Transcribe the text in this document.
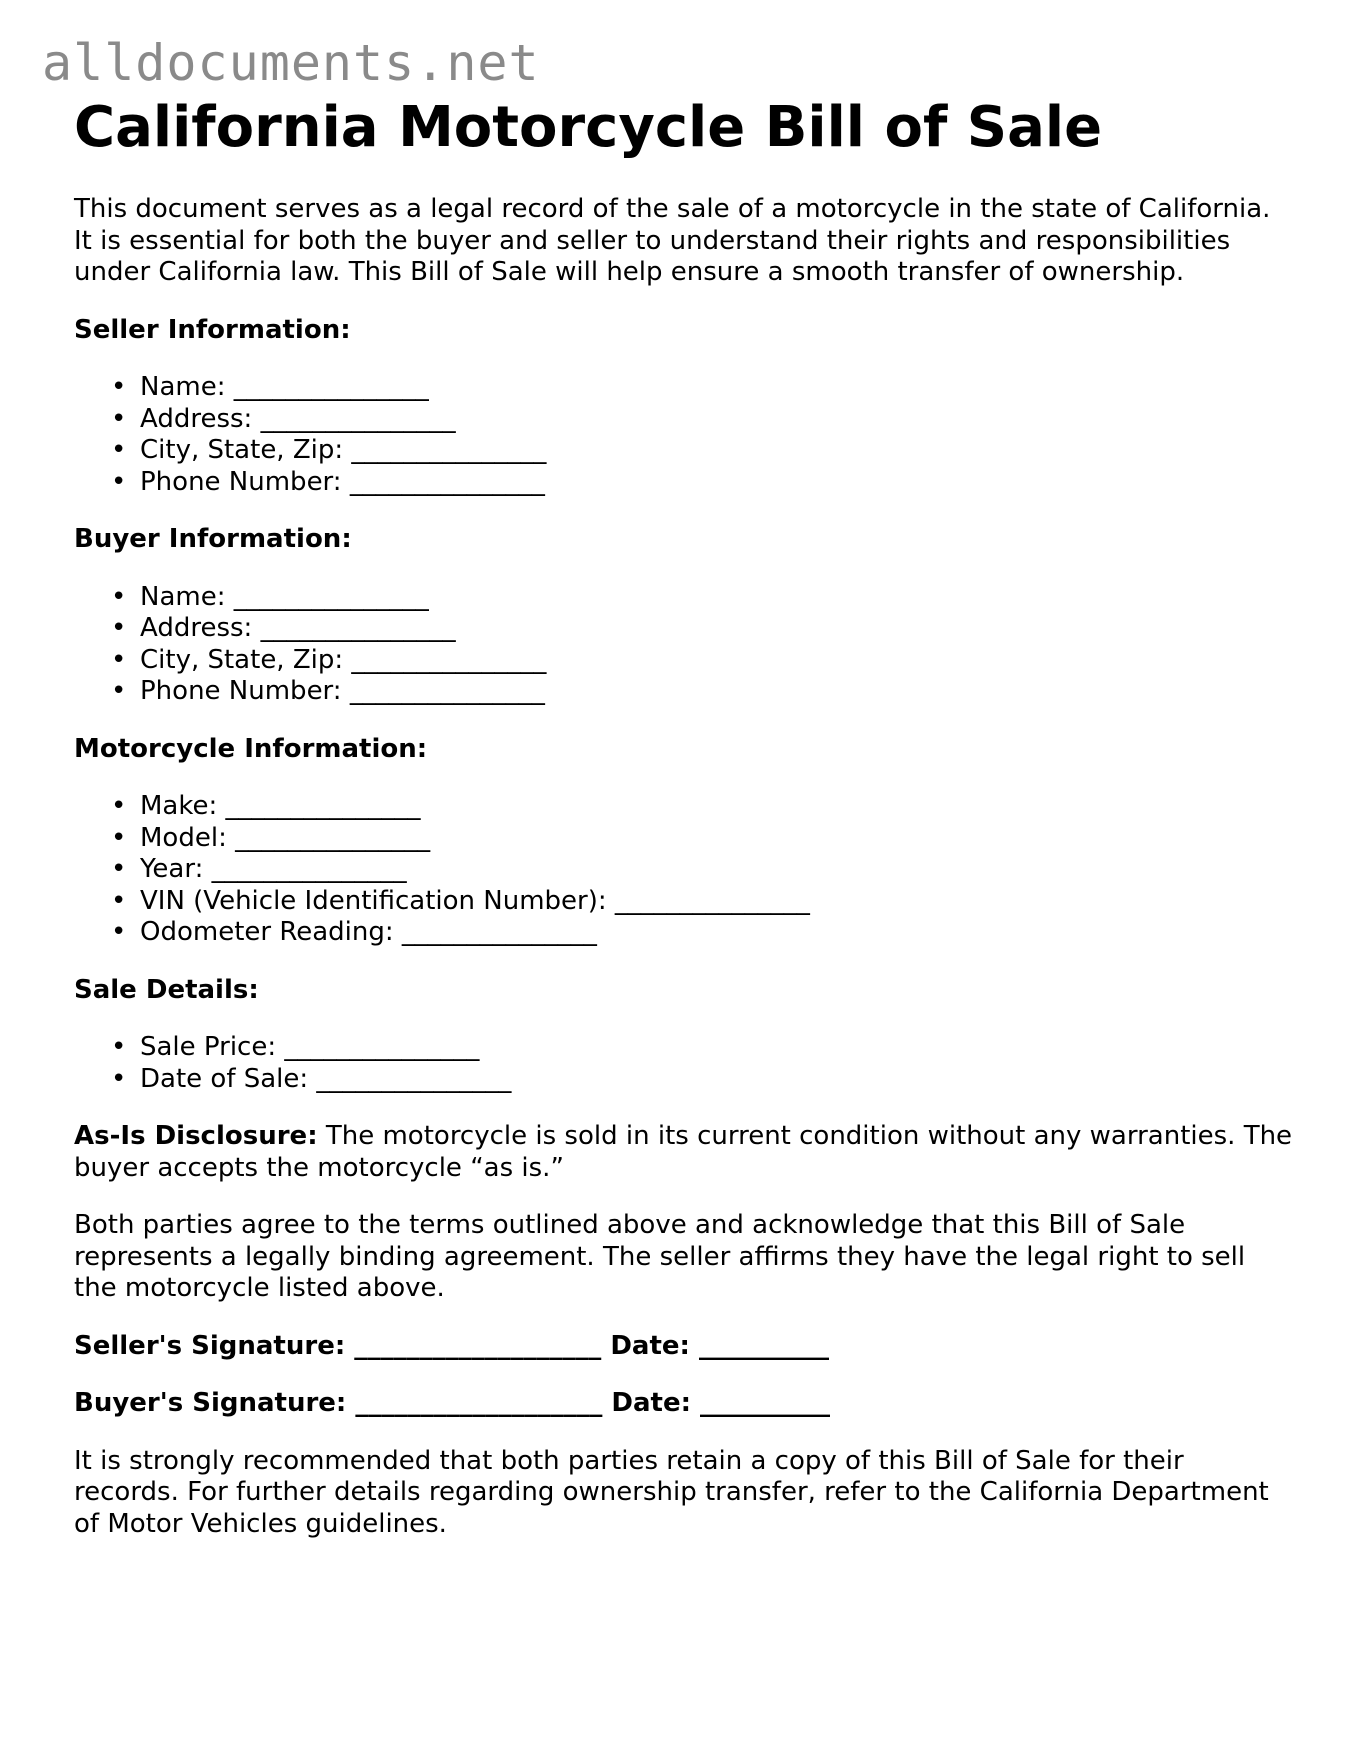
alldocuments.net
California Motorcycle Bill of Sale

This document serves as a legal record of the sale of a motorcycle in the state of California. It is essential for both the buyer and seller to understand their rights and responsibilities under California law. This Bill of Sale will help ensure a smooth transfer of ownership.

Seller Information:
• Name: _______________
• Address: _______________
• City, State, Zip: _______________
• Phone Number: _______________
Buyer Information:
• Name: _______________
• Address: _______________
• City, State, Zip: _______________
• Phone Number: _______________
Motorcycle Information:
• Make: _______________
• Model: _______________
• Year: _______________
• VIN (Vehicle Identification Number): _______________
• Odometer Reading: _______________
Sale Details:
• Sale Price: _______________
• Date of Sale: _______________

As-Is Disclosure: The motorcycle is sold in its current condition without any warranties. The buyer accepts the motorcycle “as is.”

Both parties agree to the terms outlined above and acknowledge that this Bill of Sale represents a legally binding agreement. The seller affirms they have the legal right to sell the motorcycle listed above.

Seller's Signature: ___________________ Date: __________
Buyer's Signature: ___________________ Date: __________

It is strongly recommended that both parties retain a copy of this Bill of Sale for their records. For further details regarding ownership transfer, refer to the California Department of Motor Vehicles guidelines.
